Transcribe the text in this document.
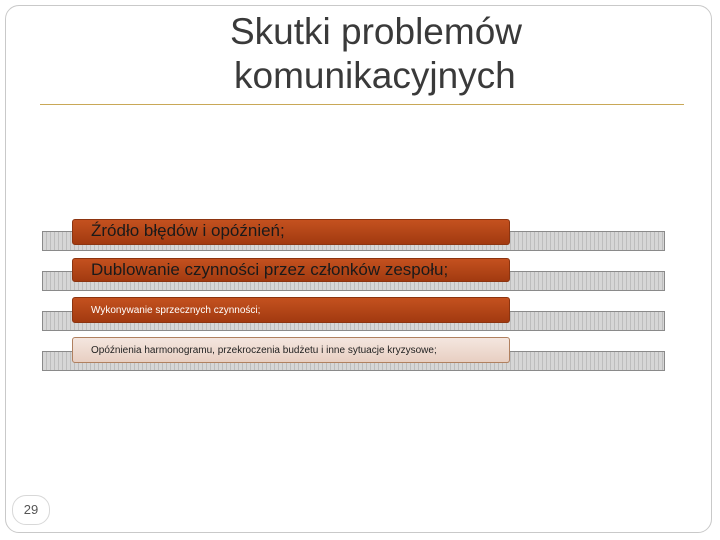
Skutki problemów
komunikacyjnych
Źródło błędów i opóźnień;
Dublowanie czynności przez członków zespołu;
Wykonywanie sprzecznych czynności;
Opóźnienia harmonogramu, przekroczenia budżetu i inne sytuacje kryzysowe;
29
